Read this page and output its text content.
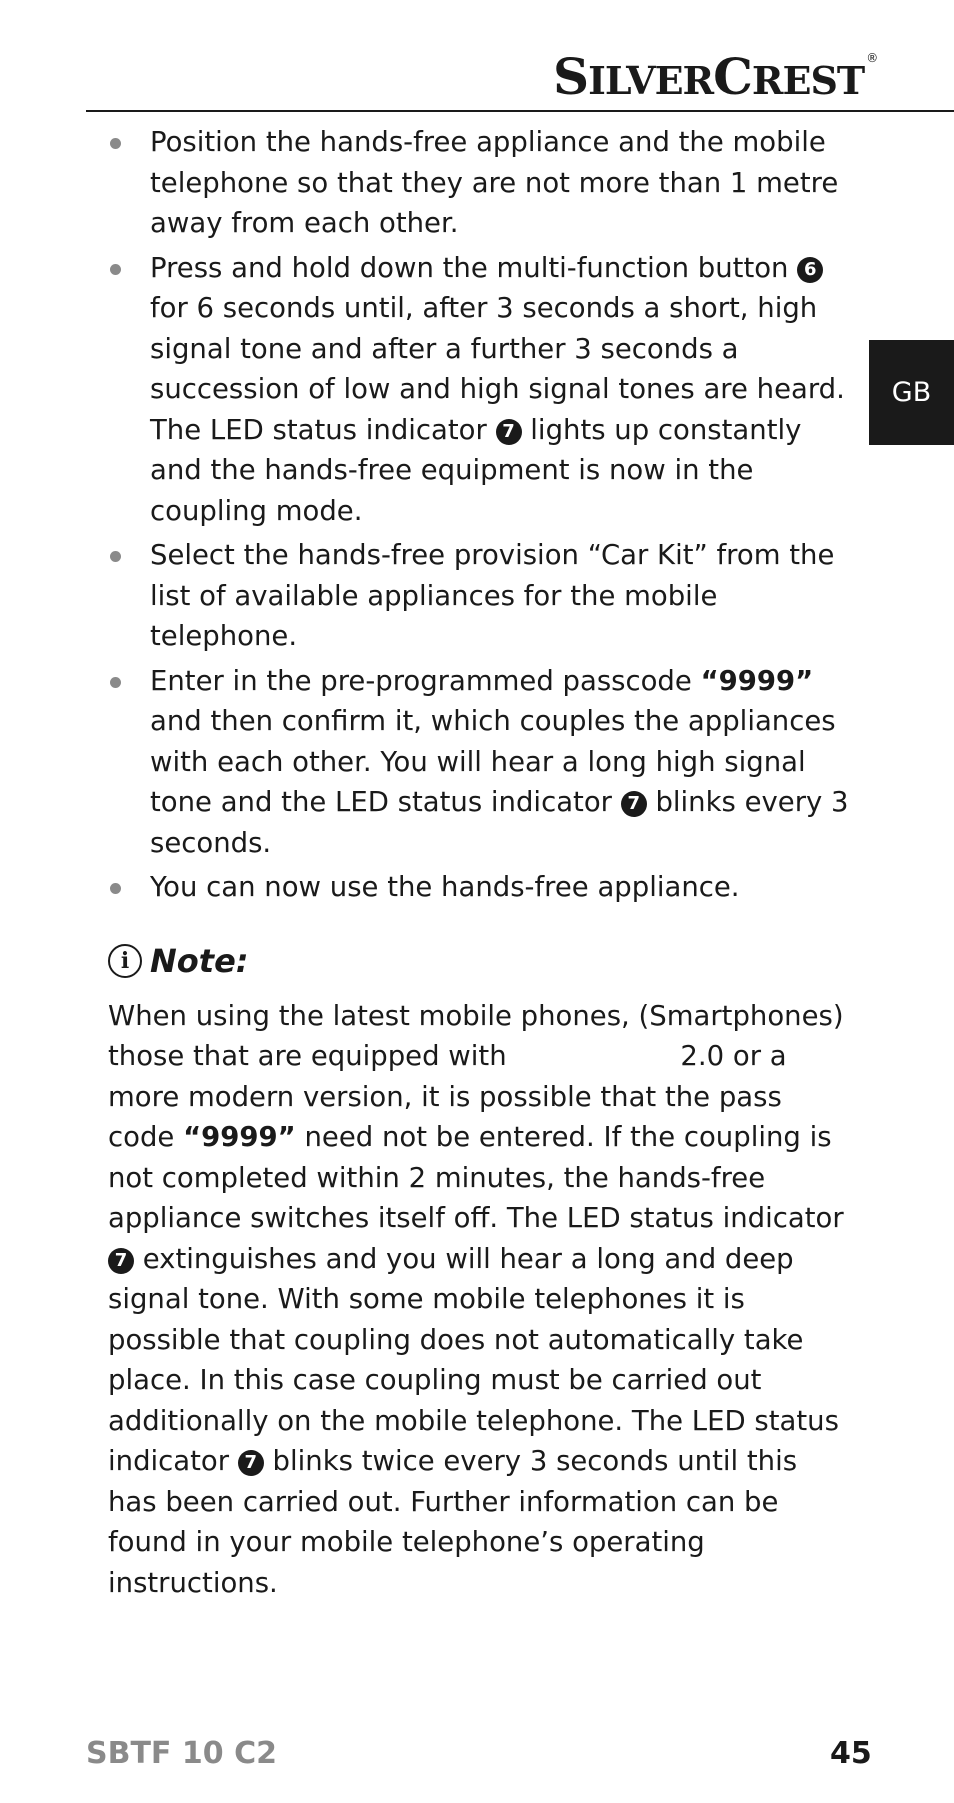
SILVERCREST ®
GB
Position the hands-free appliance and the mobile telephone so that they are not more than 1 metre away from each other.
Press and hold down the multi-function button 6 for 6 seconds until, after 3 seconds a short, high signal tone and after a further 3 seconds a succession of low and high signal tones are heard. The LED status indicator 7 lights up constantly and the hands-free equipment is now in the coupling mode.
Select the hands-free provision “Car Kit” from the list of available appliances for the mobile telephone.
Enter in the pre-programmed passcode “9999” and then confirm it, which couples the appliances with each other. You will hear a long high signal tone and the LED status indicator 7 blinks every 3 seconds.
You can now use the hands-free appliance.
i Note:
When using the latest mobile phones, (Smartphones) those that are equipped with	2.0 or a more modern version, it is possible that the pass code “9999” need not be entered. If the coupling is not completed within 2 minutes, the hands-free appliance switches itself off. The LED status indicator 7 extinguishes and you will hear a long and deep signal tone. With some mobile telephones it is possible that coupling does not automatically take place. In this case coupling must be carried out additionally on the mobile telephone. The LED status indicator 7 blinks twice every 3 seconds until this has been carried out. Further information can be found in your mobile telephone’s operating instructions.
SBTF 10 C2	45
